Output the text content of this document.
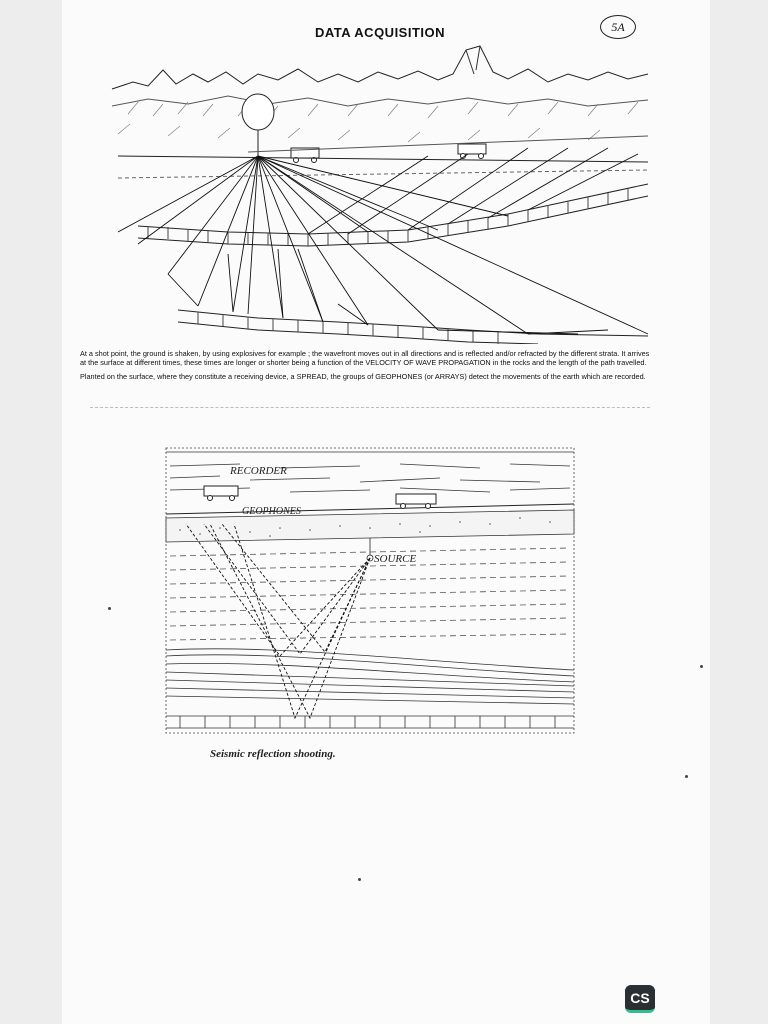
DATA ACQUISITION	5A

At a shot point, the ground is shaken, by using explosives for example ; the wavefront moves out in all directions and is reflected and/or refracted by the different strata. It arrives at the surface at different times, these times are longer or shorter being a function of the VELOCITY OF WAVE PROPAGATION in the rocks and the length of the path travelled.

Planted on the surface, where they constitute a receiving device, a SPREAD, the groups of GEOPHONES (or ARRAYS) detect the movements of the earth which are recorded.

RECORDER
GEOPHONES
SOURCE
Seismic reflection shooting.
CS
